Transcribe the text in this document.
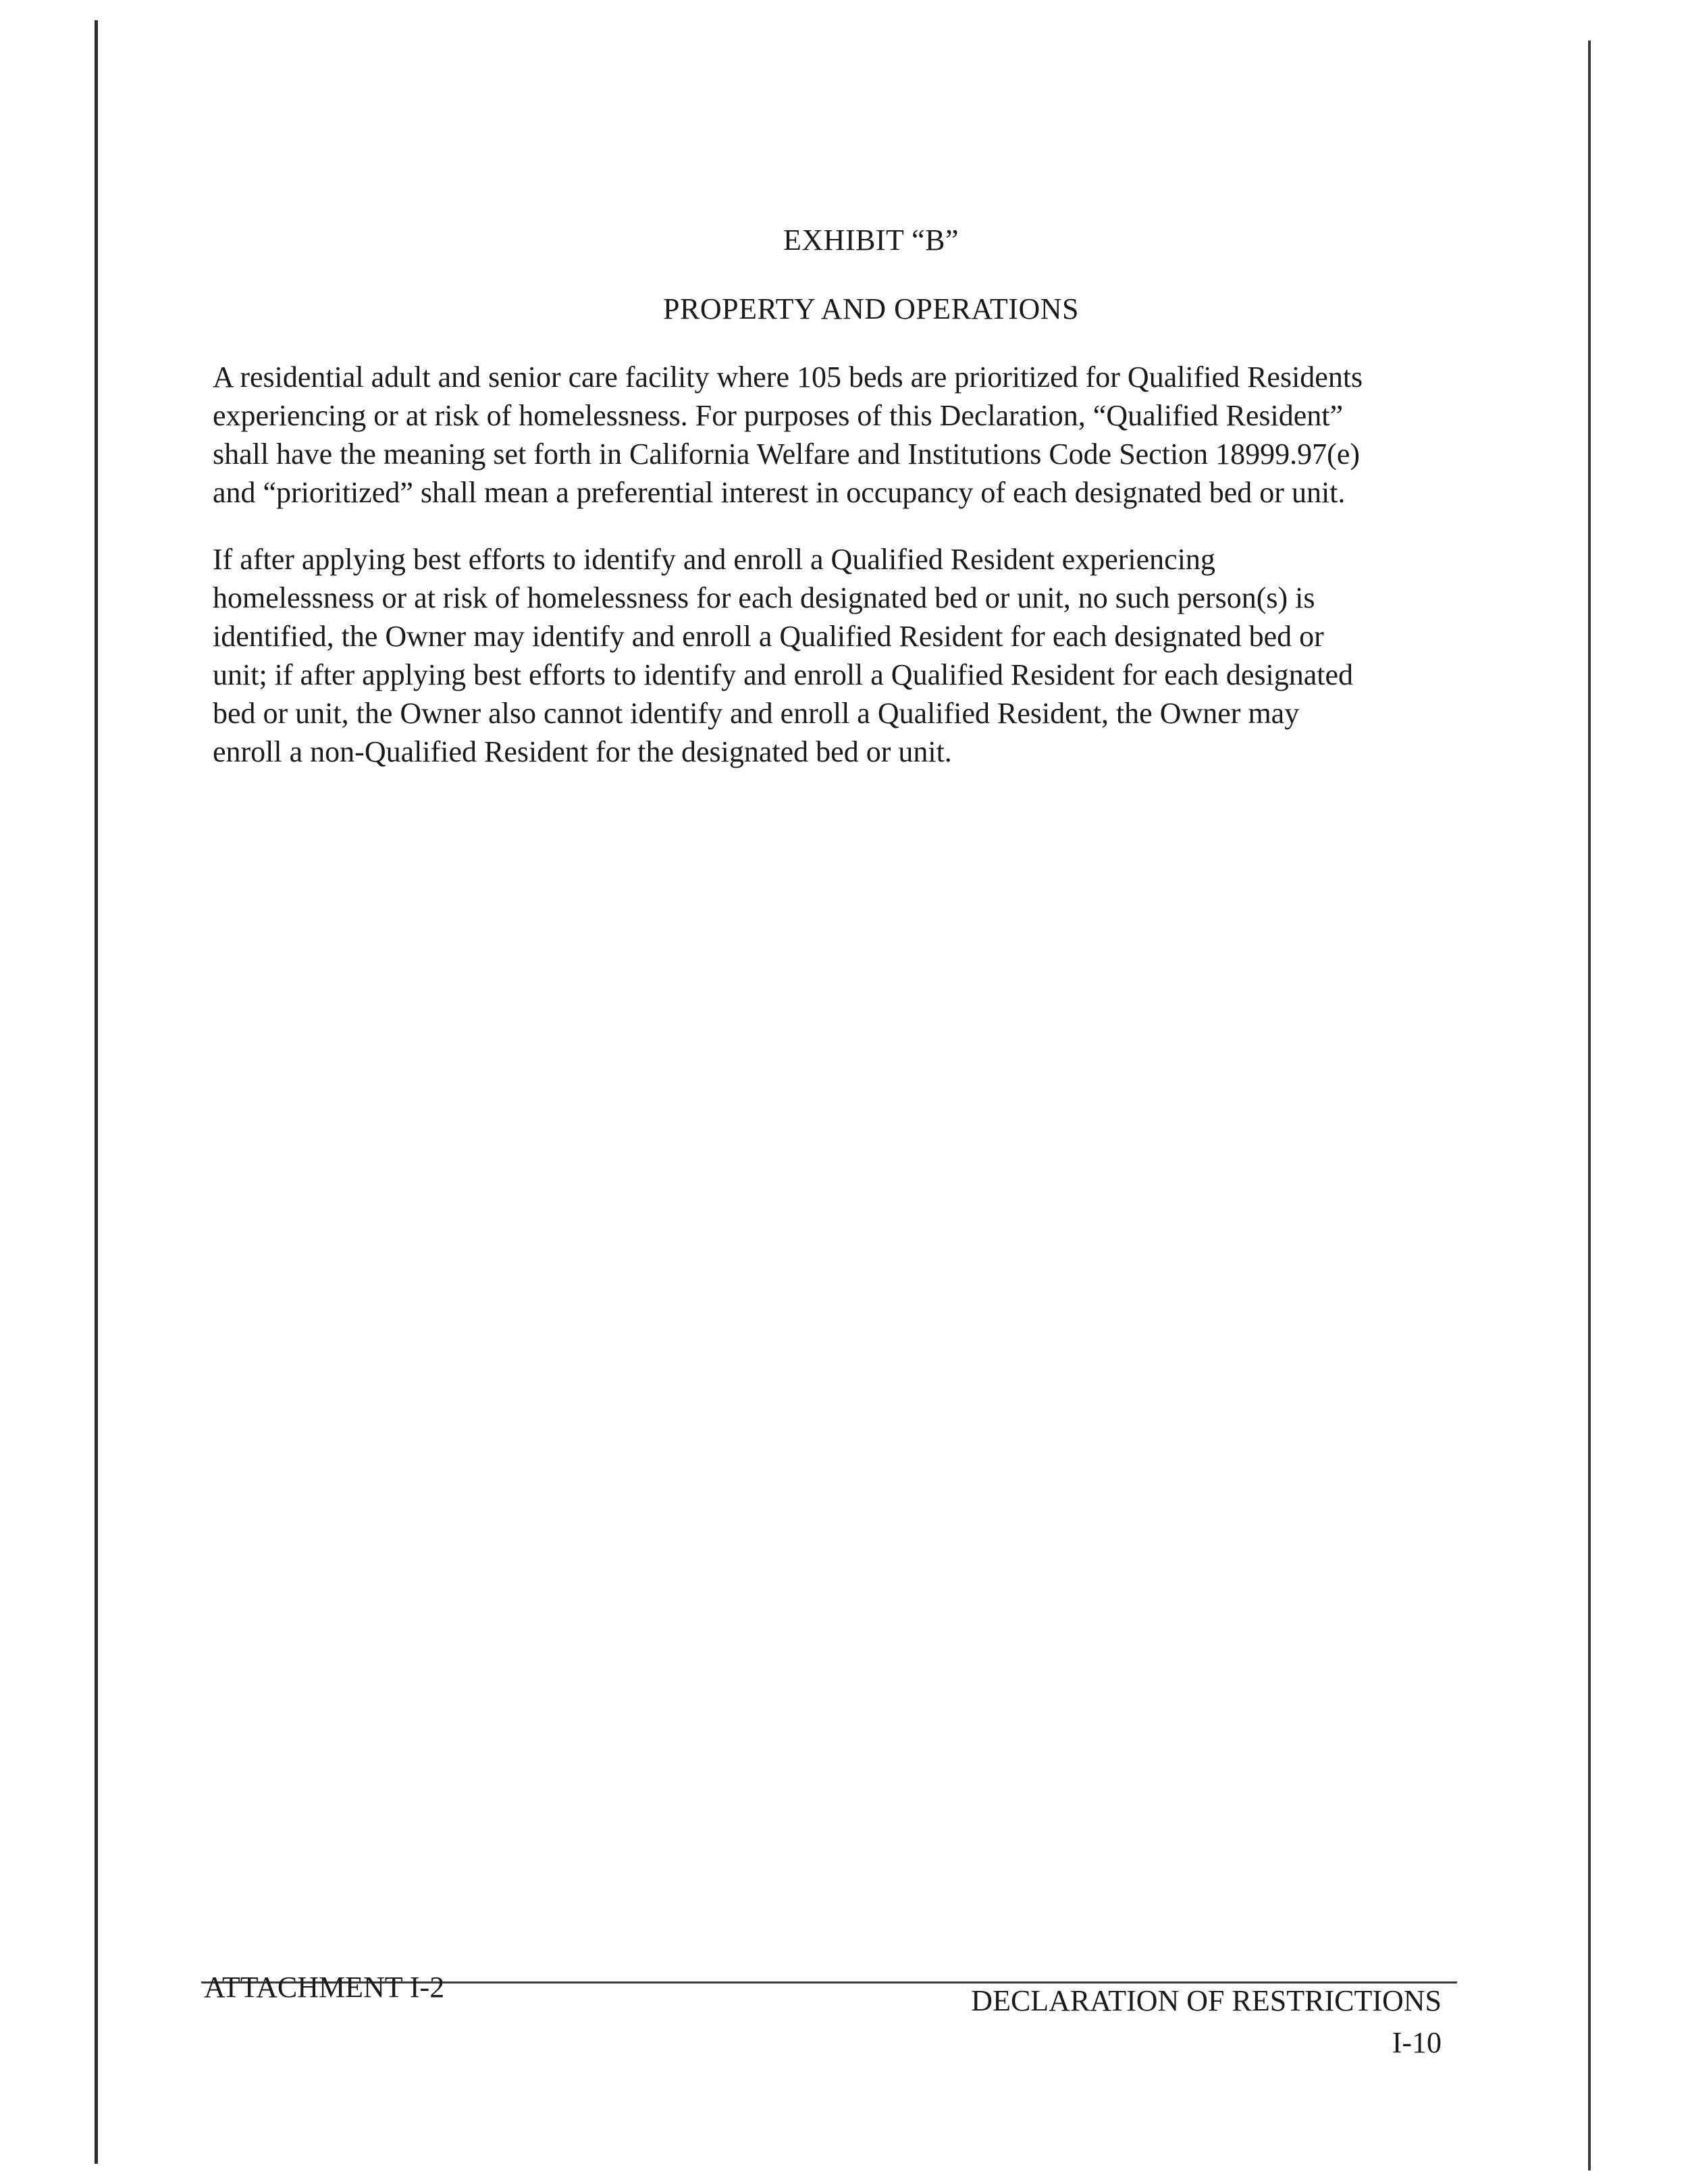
EXHIBIT “B”
PROPERTY AND OPERATIONS
A residential adult and senior care facility where 105 beds are prioritized for Qualified Residents
experiencing or at risk of homelessness. For purposes of this Declaration, “Qualified Resident”
shall have the meaning set forth in California Welfare and Institutions Code Section 18999.97(e)
and “prioritized” shall mean a preferential interest in occupancy of each designated bed or unit.
If after applying best efforts to identify and enroll a Qualified Resident experiencing
homelessness or at risk of homelessness for each designated bed or unit, no such person(s) is
identified, the Owner may identify and enroll a Qualified Resident for each designated bed or
unit; if after applying best efforts to identify and enroll a Qualified Resident for each designated
bed or unit, the Owner also cannot identify and enroll a Qualified Resident, the Owner may
enroll a non-Qualified Resident for the designated bed or unit.
ATTACHMENT I-2	DECLARATION OF RESTRICTIONS
I-10
